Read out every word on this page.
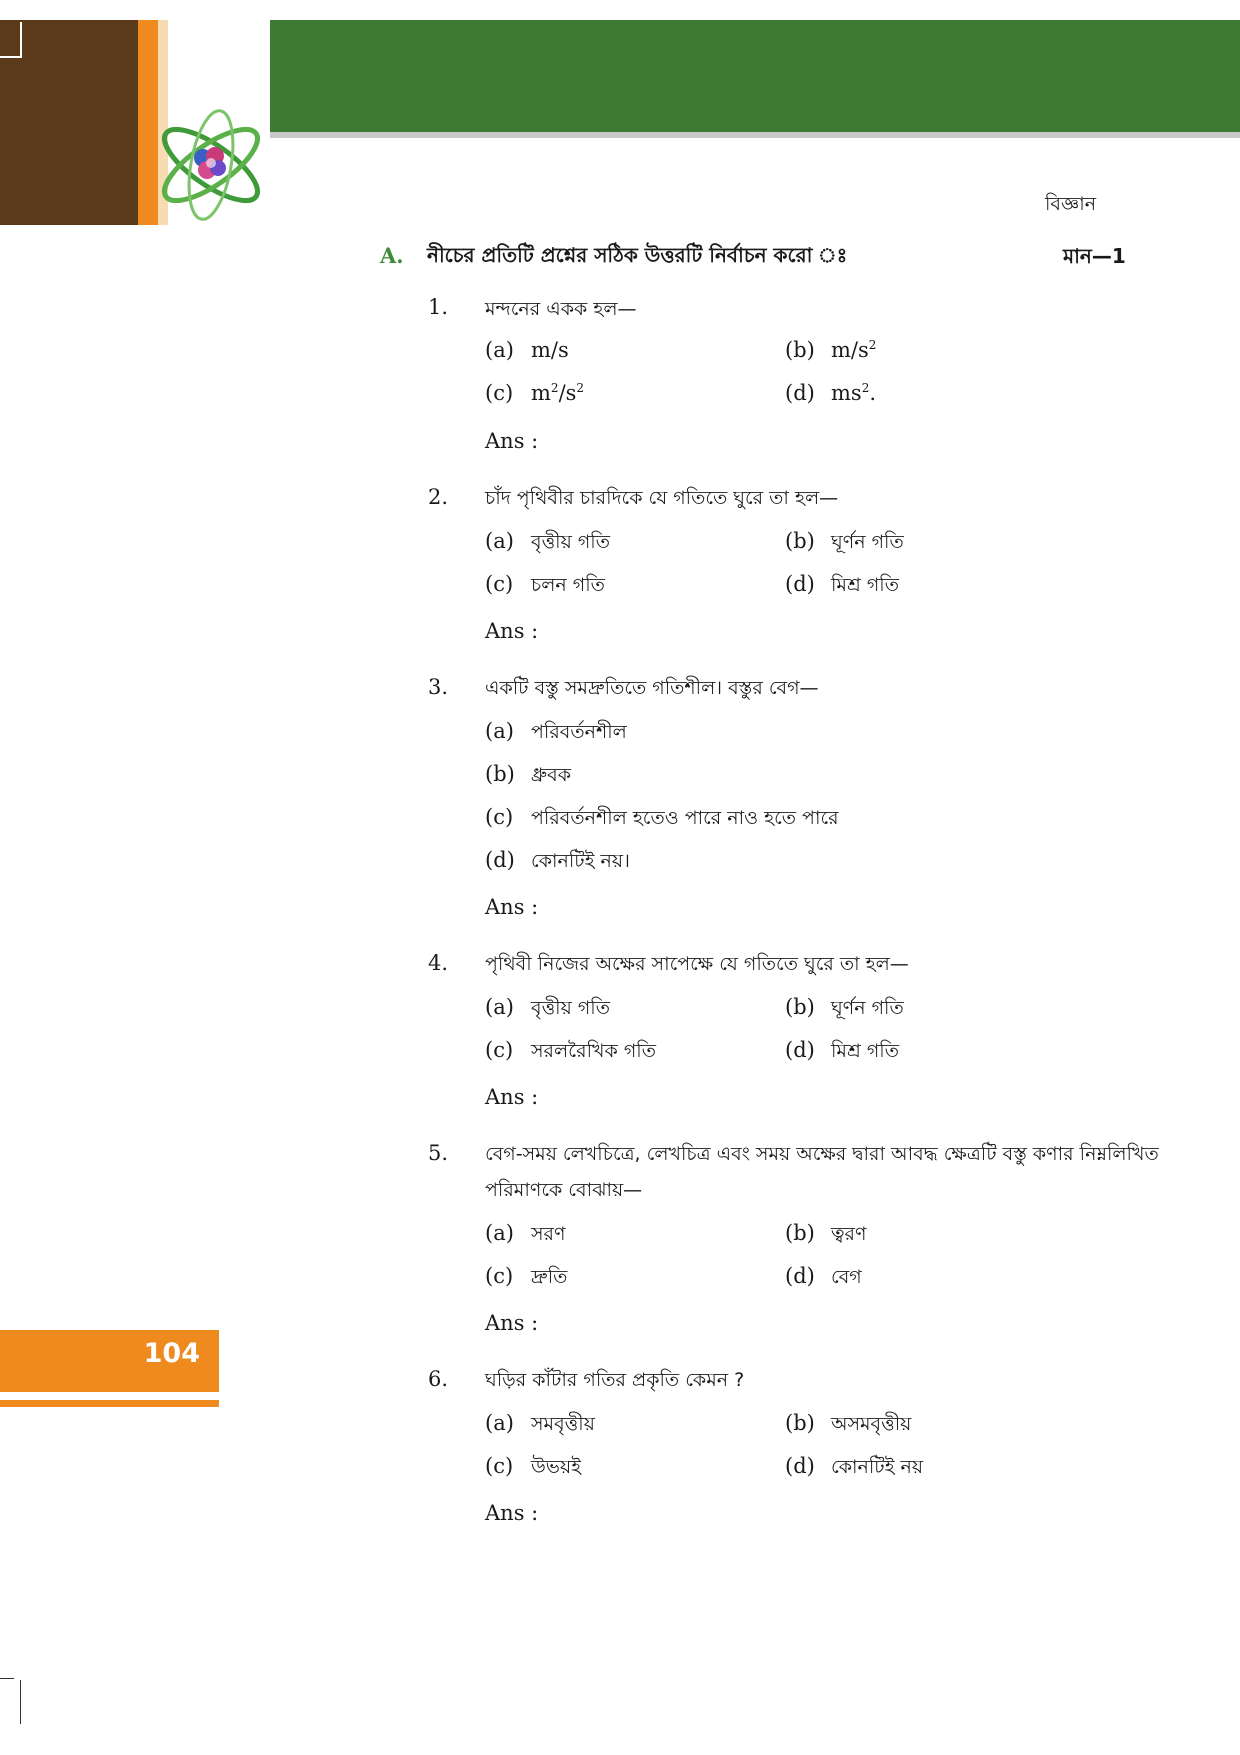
বিজ্ঞান
A. নীচের প্রতিটি প্রশ্নের সঠিক উত্তরটি নির্বাচন করো ঃ	মান—1
1. মন্দনের একক হল—
(a) m/s	(b) $m/s^2$
(c) $m^2/s^2$	(d) $ms^2$.
Ans :
2. চাঁদ পৃথিবীর চারদিকে যে গতিতে ঘুরে তা হল—
(a) বৃত্তীয় গতি	(b) ঘূর্ণন গতি
(c) চলন গতি	(d) মিশ্র গতি
Ans :
3. একটি বস্তু সমদ্রুতিতে গতিশীল। বস্তুর বেগ—
(a) পরিবর্তনশীল
(b) ধ্রুবক
(c) পরিবর্তনশীল হতেও পারে নাও হতে পারে
(d) কোনটিই নয়।
Ans :
4. পৃথিবী নিজের অক্ষের সাপেক্ষে যে গতিতে ঘুরে তা হল—
(a) বৃত্তীয় গতি	(b) ঘূর্ণন গতি
(c) সরলরৈখিক গতি	(d) মিশ্র গতি
Ans :
5. বেগ-সময় লেখচিত্রে, লেখচিত্র এবং সময় অক্ষের দ্বারা আবদ্ধ ক্ষেত্রটি বস্তু কণার নিম্নলিখিত
পরিমাণকে বোঝায়—
(a) সরণ	(b) ত্বরণ
(c) দ্রুতি	(d) বেগ
Ans :
6. ঘড়ির কাঁটার গতির প্রকৃতি কেমন ?
(a) সমবৃত্তীয়	(b) অসমবৃত্তীয়
(c) উভয়ই	(d) কোনটিই নয়
Ans :
104
